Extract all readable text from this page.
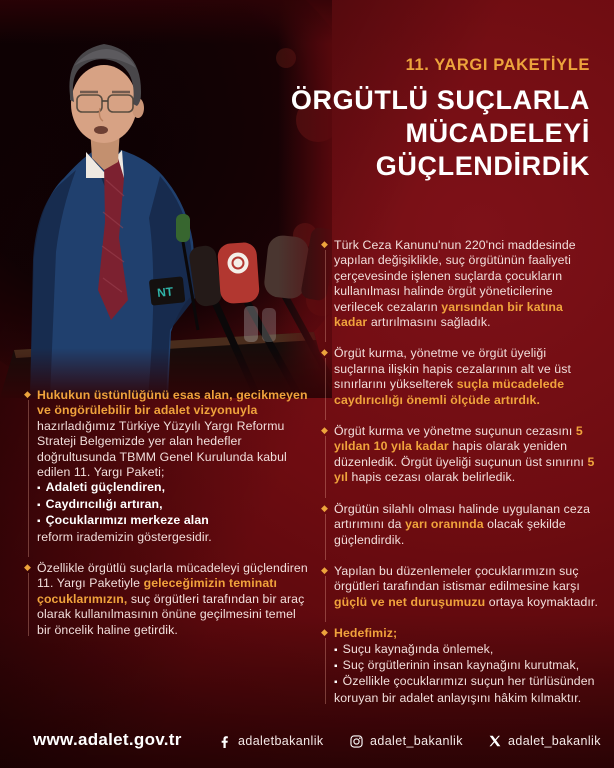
NT
11. YARGI PAKETİYLE
ÖRGÜTLÜ SUÇLARLA
MÜCADELEYİ
GÜÇLENDİRDİK
◆ Hukukun üstünlüğünü esas alan, gecikmeyen ve öngörülebilir bir adalet vizyonuyla hazırladığımız Türkiye Yüzyılı Yargı Reformu Strateji Belgemizde yer alan hedefler doğrultusunda TBMM Genel Kurulunda kabul edilen 11. Yargı Paketi;
▪ Adaleti güçlendiren,
▪ Caydırıcılığı artıran,
▪ Çocuklarımızı merkeze alan
reform irademizin göstergesidir.
◆ Özellikle örgütlü suçlarla mücadeleyi güçlendiren 11. Yargı Paketiyle geleceğimizin teminatı çocuklarımızın, suç örgütleri tarafından bir araç olarak kullanılmasının önüne geçilmesini temel bir öncelik haline getirdik.
◆ Türk Ceza Kanunu'nun 220'nci maddesinde yapılan değişiklikle, suç örgütünün faaliyeti çerçevesinde işlenen suçlarda çocukların kullanılması halinde örgüt yöneticilerine verilecek cezaların yarısından bir katına kadar artırılmasını sağladık.
◆ Örgüt kurma, yönetme ve örgüt üyeliği suçlarına ilişkin hapis cezalarının alt ve üst sınırlarını yükselterek suçla mücadelede caydırıcılığı önemli ölçüde artırdık.
◆ Örgüt kurma ve yönetme suçunun cezasını 5 yıldan 10 yıla kadar hapis olarak yeniden düzenledik. Örgüt üyeliği suçunun üst sınırını 5 yıl hapis cezası olarak belirledik.
◆ Örgütün silahlı olması halinde uygulanan ceza artırımını da yarı oranında olacak şekilde güçlendirdik.
◆ Yapılan bu düzenlemeler çocuklarımızın suç örgütleri tarafından istismar edilmesine karşı güçlü ve net duruşumuzu ortaya koymaktadır.
◆ Hedefimiz;
▪ Suçu kaynağında önlemek,
▪ Suç örgütlerinin insan kaynağını kurutmak,
▪ Özellikle çocuklarımızı suçun her türlüsünden koruyan bir adalet anlayışını hâkim kılmaktır.
www.adalet.gov.tr	adaletbakanlik	adalet_bakanlik	adalet_bakanlik
